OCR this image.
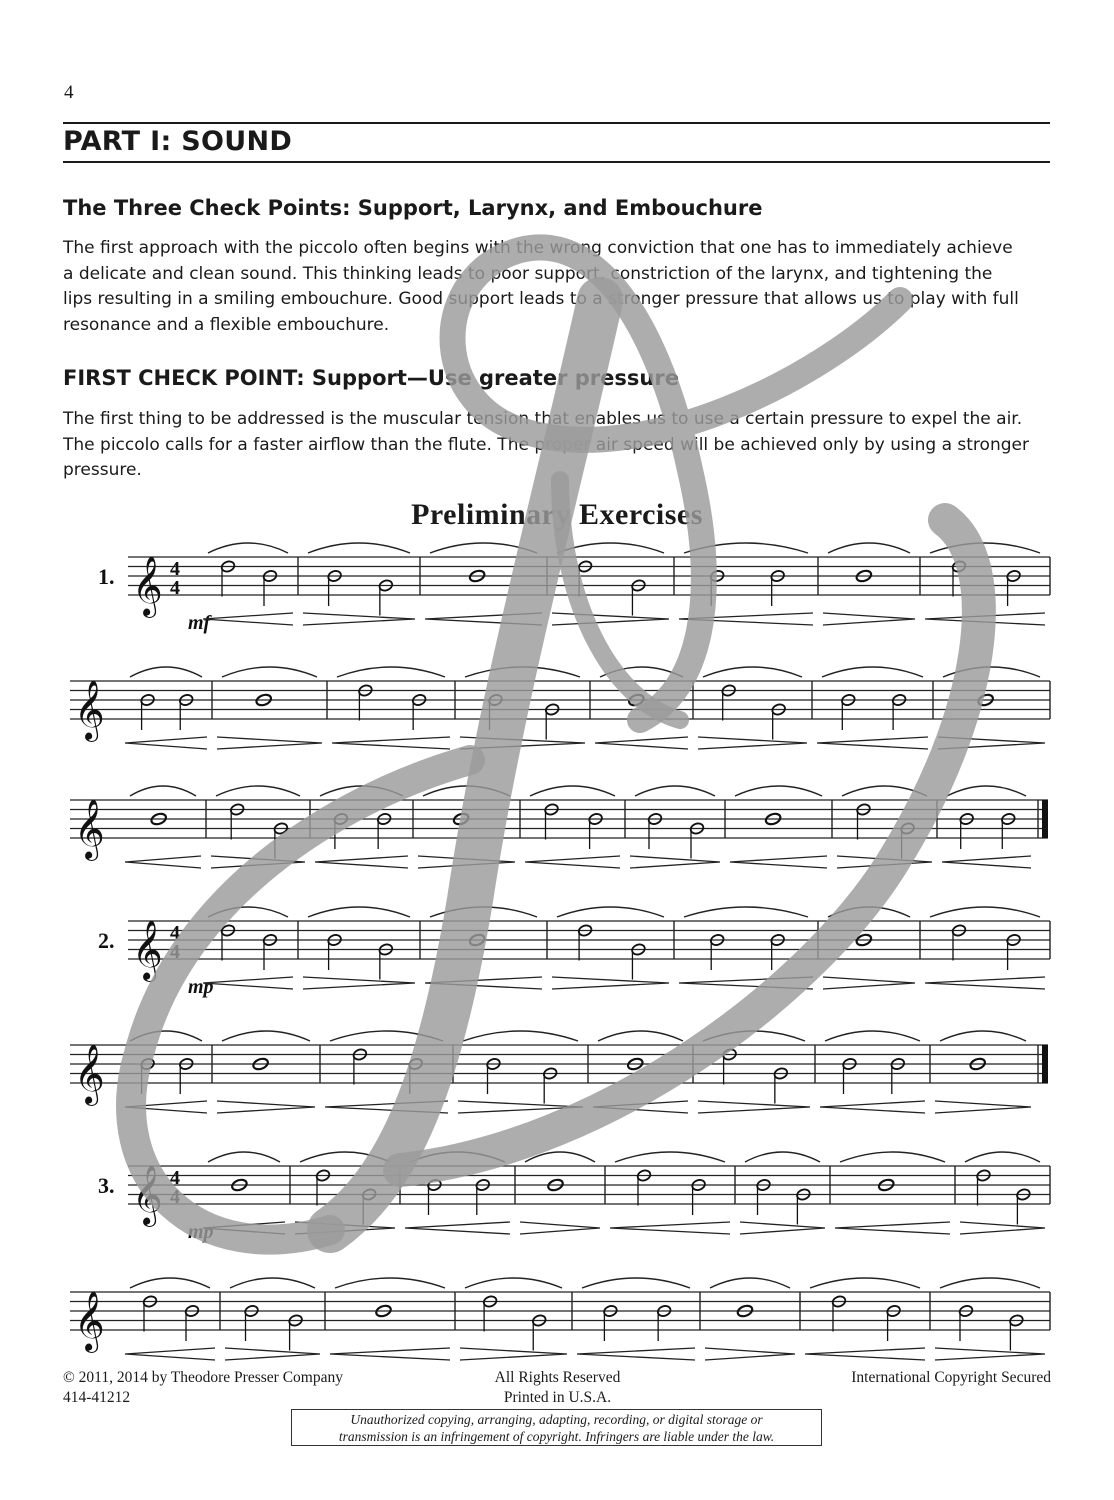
4
PART I: SOUND
The Three Check Points: Support, Larynx, and Embouchure
The first approach with the piccolo often begins with the wrong conviction that one has to immediately achieve
a delicate and clean sound. This thinking leads to poor support, constriction of the larynx, and tightening the
lips resulting in a smiling embouchure. Good support leads to a stronger pressure that allows us to play with full
resonance and a flexible embouchure.
FIRST CHECK POINT: Support—Use greater pressure
The first thing to be addressed is the muscular tension that enables us to use a certain pressure to expel the air.
The piccolo calls for a faster airflow than the flute. The proper air speed will be achieved only by using a stronger
pressure.
Preliminary Exercises
𝄞 4
4
1.
mf
𝄞
𝄞
𝄞 4
4
2.
mp
𝄞
𝄞 4
4
3.
mp
𝄞
© 2011, 2014 by Theodore Presser Company
414-41212
All Rights Reserved
Printed in U.S.A.
International Copyright Secured
Unauthorized copying, arranging, adapting, recording, or digital storage or
transmission is an infringement of copyright. Infringers are liable under the law.
